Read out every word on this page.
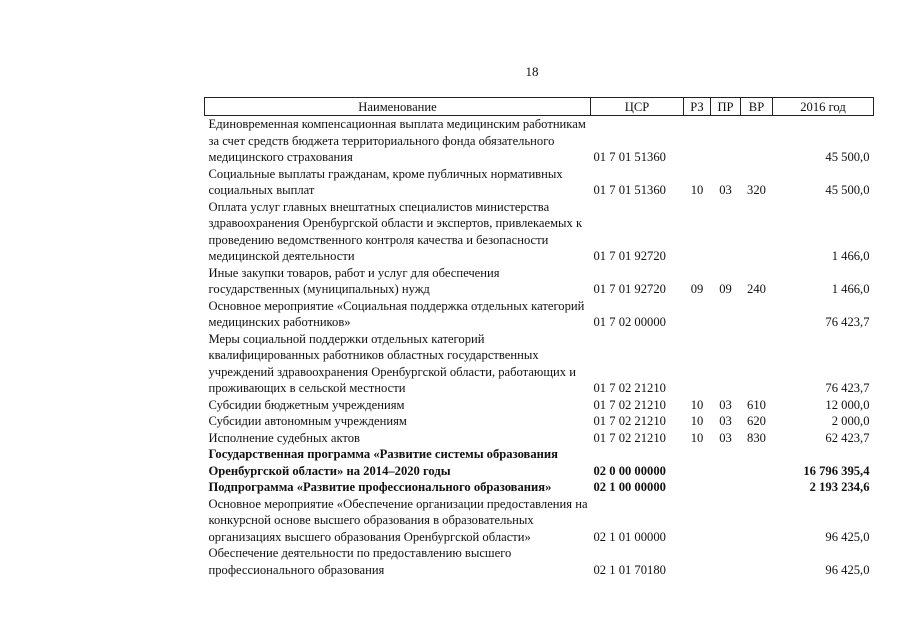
18
Наименование	ЦСР	РЗ	ПР	ВР	2016 год
Единовременная компенсационная выплата медицинским работникам за счет средств бюджета территориального фонда обязательного медицинского страхования	01 7 01 51360				45 500,0
Социальные выплаты гражданам, кроме публичных нормативных социальных выплат	01 7 01 51360	10	03	320	45 500,0
Оплата услуг главных внештатных специалистов министерства здравоохранения Оренбургской области и экспертов, привлекаемых к проведению ведомственного контроля качества и безопасности медицинской деятельности	01 7 01 92720				1 466,0
Иные закупки товаров, работ и услуг для обеспечения государственных (муниципальных) нужд	01 7 01 92720	09	09	240	1 466,0
Основное мероприятие «Социальная поддержка отдельных категорий медицинских работников»	01 7 02 00000				76 423,7
Меры социальной поддержки отдельных категорий квалифицированных работников областных государственных учреждений здравоохранения Оренбургской области, работающих и проживающих в сельской местности	01 7 02 21210				76 423,7
Субсидии бюджетным учреждениям	01 7 02 21210	10	03	610	12 000,0
Субсидии автономным учреждениям	01 7 02 21210	10	03	620	2 000,0
Исполнение судебных актов	01 7 02 21210	10	03	830	62 423,7
Государственная программа «Развитие системы образования Оренбургской области» на 2014–2020 годы	02 0 00 00000				16 796 395,4
Подпрограмма «Развитие профессионального образования»	02 1 00 00000				2 193 234,6
Основное мероприятие «Обеспечение организации предоставления на конкурсной основе высшего образования в образовательных организациях высшего образования Оренбургской области»	02 1 01 00000				96 425,0
Обеспечение деятельности по предоставлению высшего профессионального образования	02 1 01 70180				96 425,0
